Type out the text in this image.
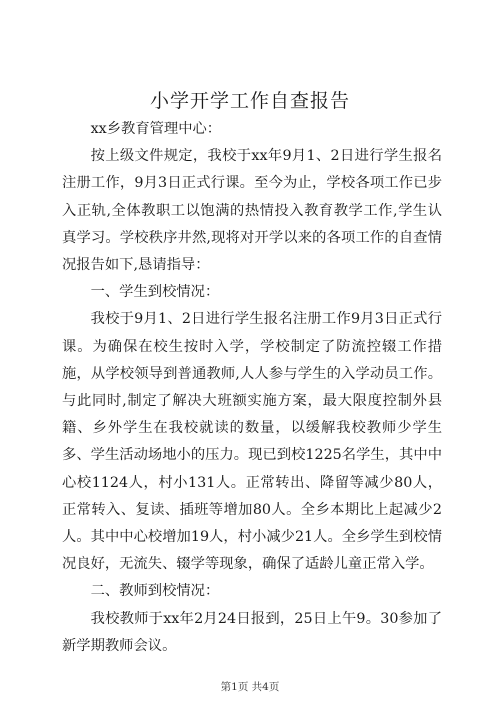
小学开学工作自查报告

xx乡教育管理中心：

按上级文件规定，我校于xx年9月1、2日进行学生报名注册工作，9月3日正式行课。至今为止，学校各项工作已步入正轨,全体教职工以饱满的热情投入教育教学工作,学生认真学习。学校秩序井然,现将对开学以来的各项工作的自查情况报告如下,恳请指导：

一、学生到校情况：

我校于9月1、2日进行学生报名注册工作9月3日正式行课。为确保在校生按时入学，学校制定了防流控辍工作措施，从学校领导到普通教师,人人参与学生的入学动员工作。与此同时,制定了解决大班额实施方案，最大限度控制外县籍、乡外学生在我校就读的数量，以缓解我校教师少学生多、学生活动场地小的压力。现已到校1225名学生，其中中心校1124人，村小131人。正常转出、降留等减少80人，正常转入、复读、插班等增加80人。全乡本期比上起减少2人。其中中心校增加19人，村小减少21人。全乡学生到校情况良好，无流失、辍学等现象，确保了适龄儿童正常入学。

二、教师到校情况：

我校教师于xx年2月24日报到，25日上午9。30参加了新学期教师会议。

第1页 共4页
